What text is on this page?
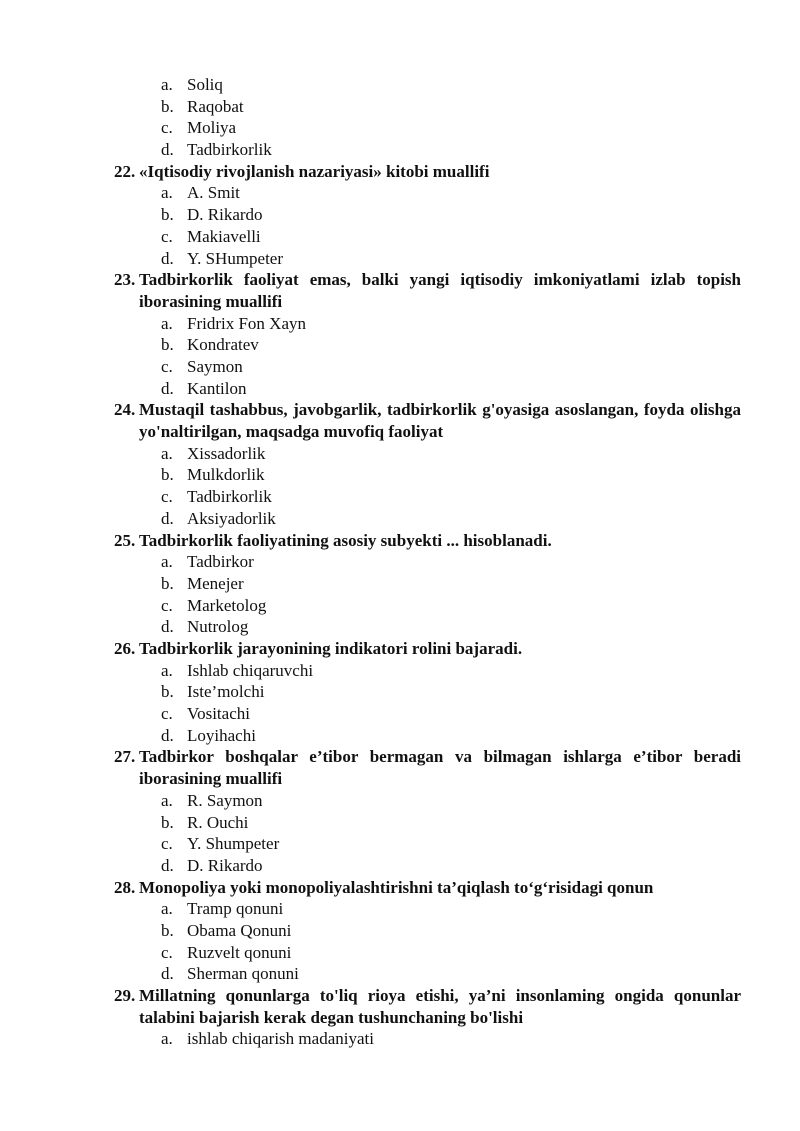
a. Soliq
b. Raqobat
c. Moliya
d. Tadbirkorlik
22. «Iqtisodiy rivojlanish nazariyasi» kitobi muallifi
a. A. Smit
b. D. Rikardo
c. Makiavelli
d. Y. SHumpeter
23. Tadbirkorlik faoliyat emas, balki yangi iqtisodiy imkoniyatlami izlab topish iborasining muallifi
a. Fridrix Fon Xayn
b. Kondratev
c. Saymon
d. Kantilon
24. Mustaqil tashabbus, javobgarlik, tadbirkorlik g'oyasiga asoslangan, foyda olishga yo'naltirilgan, maqsadga muvofiq faoliyat
a. Xissadorlik
b. Mulkdorlik
c. Tadbirkorlik
d. Aksiyadorlik
25. Tadbirkorlik faoliyatining asosiy subyekti ... hisoblanadi.
a. Tadbirkor
b. Menejer
c. Marketolog
d. Nutrolog
26. Tadbirkorlik jarayonining indikatori rolini bajaradi.
a. Ishlab chiqaruvchi
b. Iste’molchi
c. Vositachi
d. Loyihachi
27. Tadbirkor boshqalar e’tibor bermagan va bilmagan ishlarga e’tibor beradi iborasining muallifi
a. R. Saymon
b. R. Ouchi
c. Y. Shumpeter
d. D. Rikardo
28. Monopoliya yoki monopoliyalashtirishni ta’qiqlash to‘g‘risidagi qonun
a. Tramp qonuni
b. Obama Qonuni
c. Ruzvelt qonuni
d. Sherman qonuni
29. Millatning qonunlarga to'liq rioya etishi, ya’ni insonlaming ongida qonunlar talabini bajarish kerak degan tushunchaning bo'lishi
a. ishlab chiqarish madaniyati
